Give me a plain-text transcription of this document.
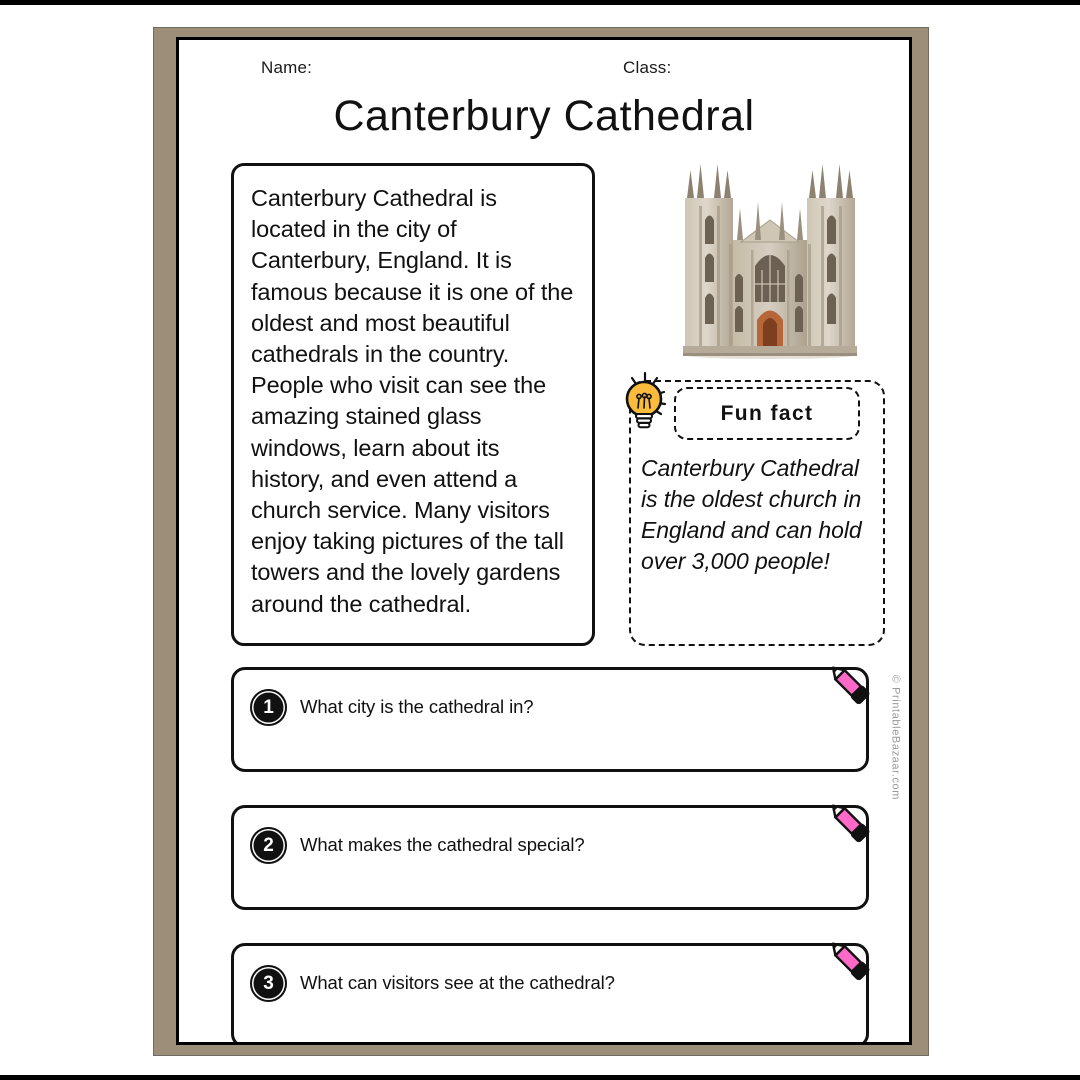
Name:	Class:
Canterbury Cathedral
Canterbury Cathedral is located in the city of Canterbury, England. It is famous because it is one of the oldest and most beautiful cathedrals in the country. People who visit can see the amazing stained glass windows, learn about its history, and even attend a church service. Many visitors enjoy taking pictures of the tall towers and the lovely gardens around the cathedral.
Fun fact
Canterbury Cathedral is the oldest church in England and can hold over 3,000 people!
1	What city is the cathedral in?
2	What makes the cathedral special?
3	What can visitors see at the cathedral?
© PrintableBazaar.com
